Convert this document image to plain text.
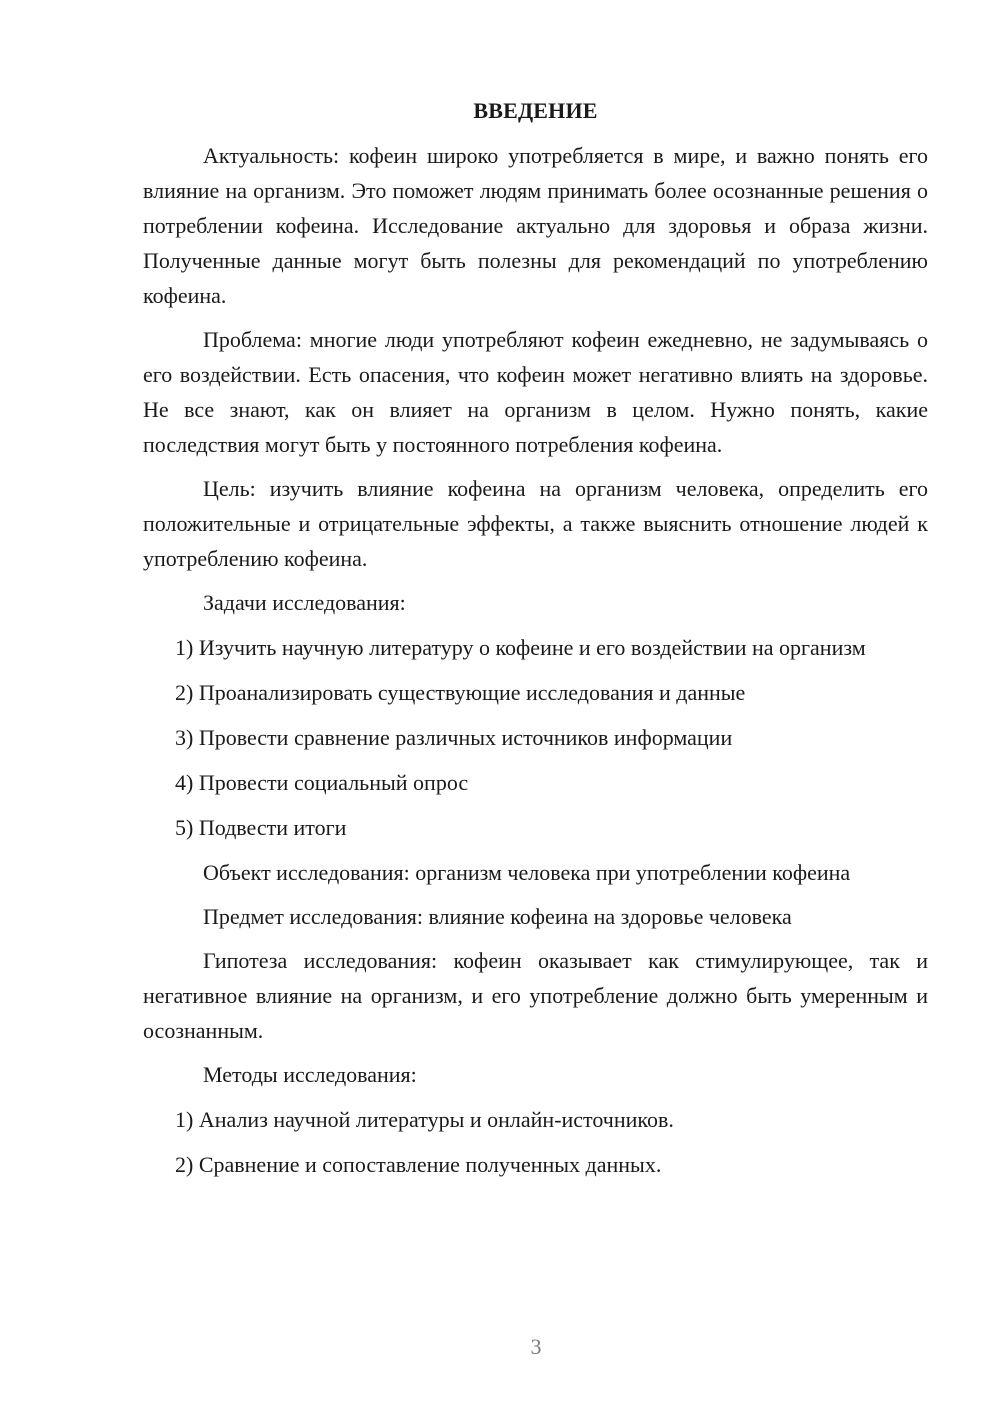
ВВЕДЕНИЕ

Актуальность: кофеин широко употребляется в мире, и важно понять его влияние на организм. Это поможет людям принимать более осознанные решения о потреблении кофеина. Исследование актуально для здоровья и образа жизни. Полученные данные могут быть полезны для рекомендаций по употреблению кофеина.

Проблема: многие люди употребляют кофеин ежедневно, не задумываясь о его воздействии. Есть опасения, что кофеин может негативно влиять на здоровье. Не все знают, как он влияет на организм в целом. Нужно понять, какие последствия могут быть у постоянного потребления кофеина.

Цель: изучить влияние кофеина на организм человека, определить его положительные и отрицательные эффекты, а также выяснить отношение людей к употреблению кофеина.

Задачи исследования:

1) Изучить научную литературу о кофеине и его воздействии на организм

2) Проанализировать существующие исследования и данные

3) Провести сравнение различных источников информации

4) Провести социальный опрос

5) Подвести итоги

Объект исследования: организм человека при употреблении кофеина

Предмет исследования: влияние кофеина на здоровье человека

Гипотеза исследования: кофеин оказывает как стимулирующее, так и негативное влияние на организм, и его употребление должно быть умеренным и осознанным.

Методы исследования:

1) Анализ научной литературы и онлайн-источников.

2) Сравнение и сопоставление полученных данных.

3
